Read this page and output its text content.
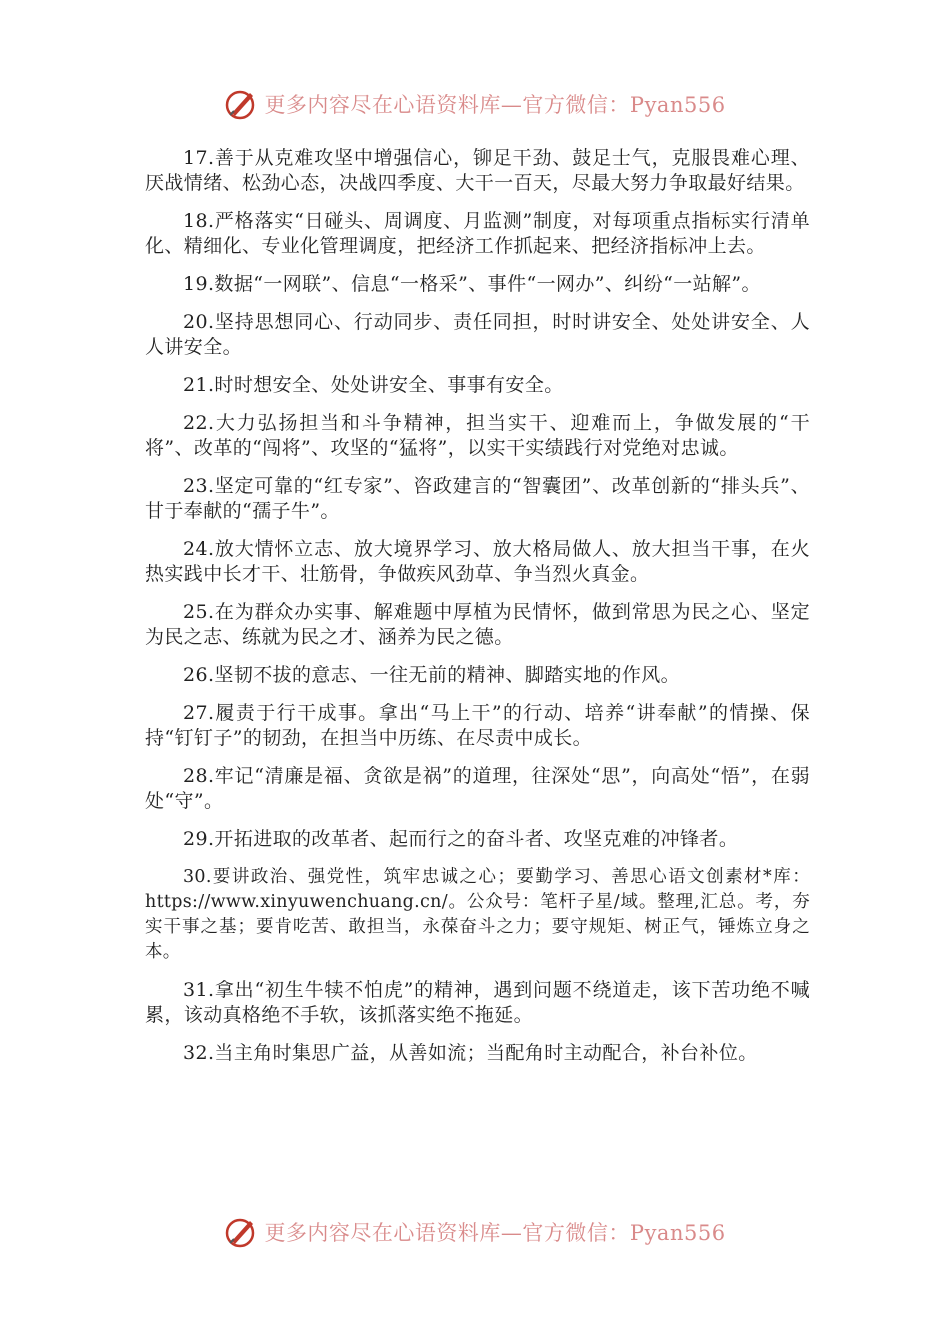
更多内容尽在心语资料库—官方微信：Pyan556

17.善于从克难攻坚中增强信心，铆足干劲、鼓足士气，克服畏难心理、厌战情绪、松劲心态，决战四季度、大干一百天，尽最大努力争取最好结果。

18.严格落实“日碰头、周调度、月监测”制度，对每项重点指标实行清单化、精细化、专业化管理调度，把经济工作抓起来、把经济指标冲上去。

19.数据“一网联”、信息“一格采”、事件“一网办”、纠纷“一站解”。

20.坚持思想同心、行动同步、责任同担，时时讲安全、处处讲安全、人人讲安全。

21.时时想安全、处处讲安全、事事有安全。

22.大力弘扬担当和斗争精神，担当实干、迎难而上，争做发展的“干将”、改革的“闯将”、攻坚的“猛将”，以实干实绩践行对党绝对忠诚。

23.坚定可靠的“红专家”、咨政建言的“智囊团”、改革创新的“排头兵”、甘于奉献的“孺子牛”。

24.放大情怀立志、放大境界学习、放大格局做人、放大担当干事，在火热实践中长才干、壮筋骨，争做疾风劲草、争当烈火真金。

25.在为群众办实事、解难题中厚植为民情怀，做到常思为民之心、坚定为民之志、练就为民之才、涵养为民之德。

26.坚韧不拔的意志、一往无前的精神、脚踏实地的作风。

27.履责于行干成事。拿出“马上干”的行动、培养“讲奉献”的情操、保持“钉钉子”的韧劲，在担当中历练、在尽责中成长。

28.牢记“清廉是福、贪欲是祸”的道理，往深处“思”，向高处“悟”，在弱处“守”。

29.开拓进取的改革者、起而行之的奋斗者、攻坚克难的冲锋者。

30.要讲政治、强党性，筑牢忠诚之心；要勤学习、善思心语文创素材*库：https://www.xinyuwenchuang.cn/。公众号：笔杆子星/域。整理,汇总。考，夯实干事之基；要肯吃苦、敢担当，永葆奋斗之力；要守规矩、树正气，锤炼立身之本。

31.拿出“初生牛犊不怕虎”的精神，遇到问题不绕道走，该下苦功绝不喊累，该动真格绝不手软，该抓落实绝不拖延。

32.当主角时集思广益，从善如流；当配角时主动配合，补台补位。

更多内容尽在心语资料库—官方微信：Pyan556
